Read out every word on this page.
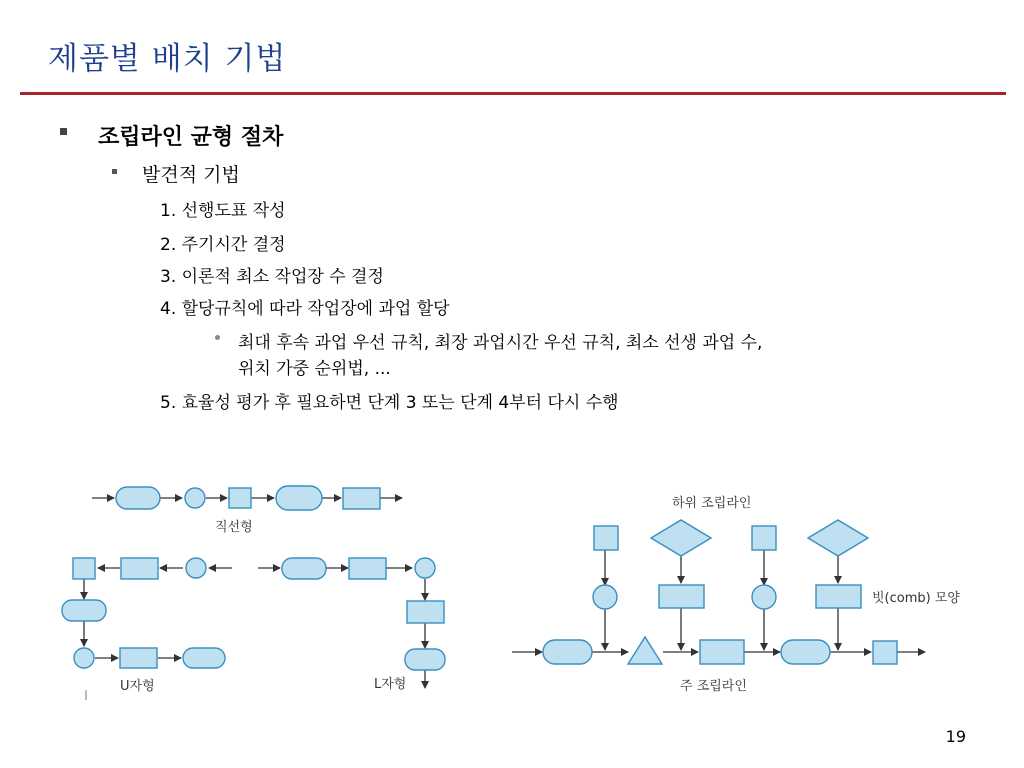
제품별 배치 기법
조립라인 균형 절차
발견적 기법
1. 선행도표 작성
2. 주기시간 결정
3. 이론적 최소 작업장 수 결정
4. 할당규칙에 따라 작업장에 과업 할당
최대 후속 과업 우선 규칙, 최장 과업시간 우선 규칙, 최소 선생 과업 수,
위치 가중 순위법, ...
5. 효율성 평가 후 필요하면 단계 3 또는 단계 4부터 다시 수행
직선형
U자형	L자형
하위 조립라인
빗(comb) 모양
주 조립라인
19
